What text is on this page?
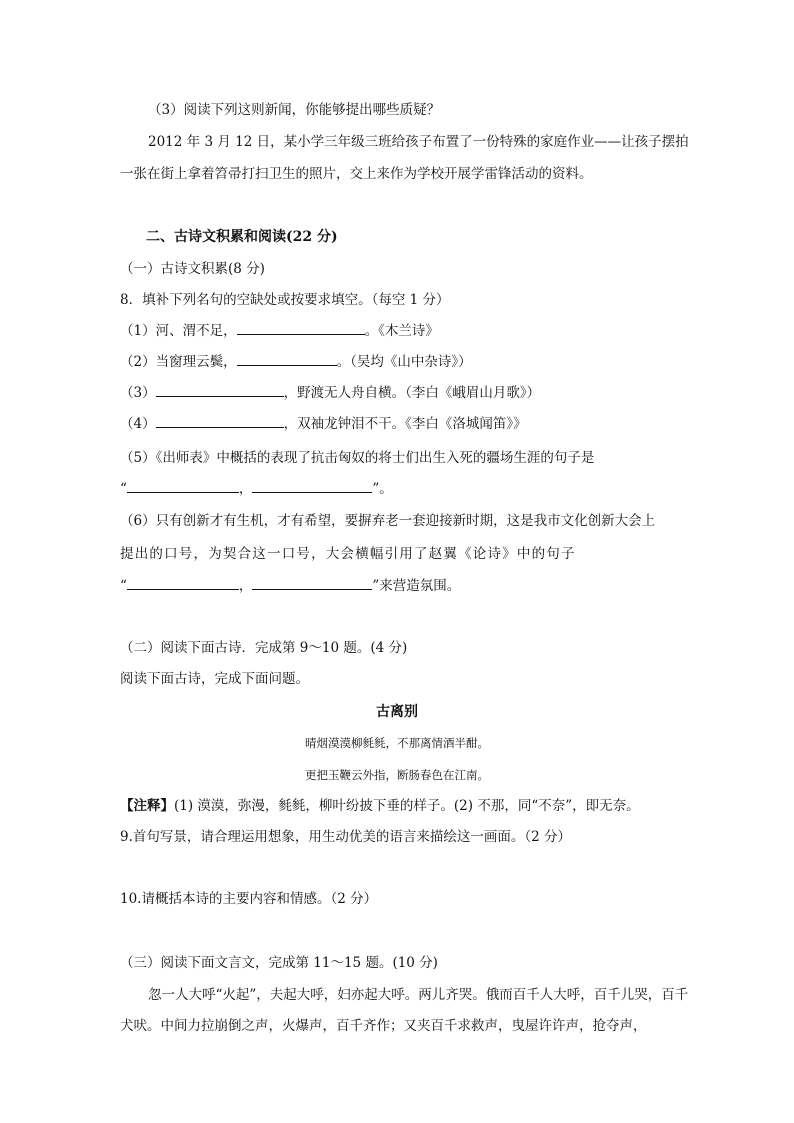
（3）阅读下列这则新闻，你能够提出哪些质疑？
2012 年 3 月 12 日，某小学三年级三班给孩子布置了一份特殊的家庭作业——让孩子摆拍
一张在街上拿着笤帚打扫卫生的照片，交上来作为学校开展学雷锋活动的资料。
二、古诗文积累和阅读(22 分)
（一）古诗文积累(8 分)
8．填补下列名句的空缺处或按要求填空。（每空 1 分）
（1）河、渭不足，	。《木兰诗》
（2）当窗理云鬓，	。（吴均《山中杂诗》）
（3）	，野渡无人舟自横。（李白《峨眉山月歌》）
（4）	，双袖龙钟泪不干。《李白《洛城闻笛》》
（5）《出师表》中概括的表现了抗击匈奴的将士们出生入死的疆场生涯的句子是
“	，	”。
（6）只有创新才有生机，才有希望，要摒弃老一套迎接新时期，这是我市文化创新大会上
提出的口号，为契合这一口号，大会横幅引用了赵翼《论诗》中的句子
“	，	”来营造氛围。
（二）阅读下面古诗．完成第 9～10 题。(4 分)
阅读下面古诗，完成下面问题。
古离别
晴烟漠漠柳毵毵，不那离情酒半酣。
更把玉鞭云外指，断肠春色在江南。
【注释】(1) 漠漠，弥漫，毵毵，柳叶纷披下垂的样子。(2) 不那，同“不奈”，即无奈。
9.首句写景，请合理运用想象，用生动优美的语言来描绘这一画面。（2 分）
10.请概括本诗的主要内容和情感。（2 分）
（三）阅读下面文言文，完成第 11～15 题。(10 分)
忽一人大呼“火起”，夫起大呼，妇亦起大呼。两儿齐哭。俄而百千人大呼，百千儿哭，百千
犬吠。中间力拉崩倒之声，火爆声，百千齐作；又夹百千求救声，曳屋许许声，抢夺声，
